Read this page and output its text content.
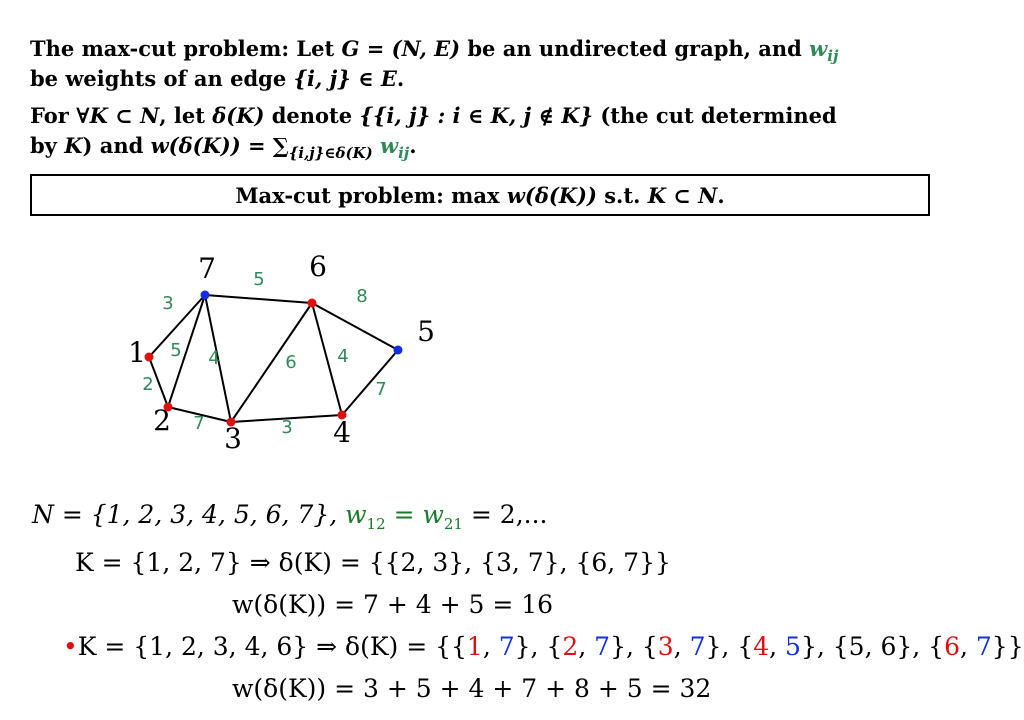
The max-cut problem: Let G = (N, E) be an undirected graph, and $w_{ij}$
be weights of an edge {i, j} ∈ E.
For ∀K ⊂ N, let δ(K) denote {{i, j} : i ∈ K, j ∉ K} (the cut determined
by K) and $w(\delta(K)) = \sum_{\{i,j\}\in\delta(K)}$ $w_{ij}$.
Max-cut problem: max w(δ(K)) s.t. K ⊂ N.
3
5
8
2
5 4	6 4
7
7	3
1
2
3	4
5
6
7
N = {1, 2, 3, 4, 5, 6, 7}, $w_{12} = w_{21} = 2$,...
K = {1, 2, 7} ⇒ δ(K) = {{2, 3}, {3, 7}, {6, 7}}
w(δ(K)) = 7 + 4 + 5 = 16
•K = {1, 2, 3, 4, 6} ⇒ δ(K) = {{1, 7}, {2, 7}, {3, 7}, {4, 5}, {5, 6}, {6, 7}}
w(δ(K)) = 3 + 5 + 4 + 7 + 8 + 5 = 32
